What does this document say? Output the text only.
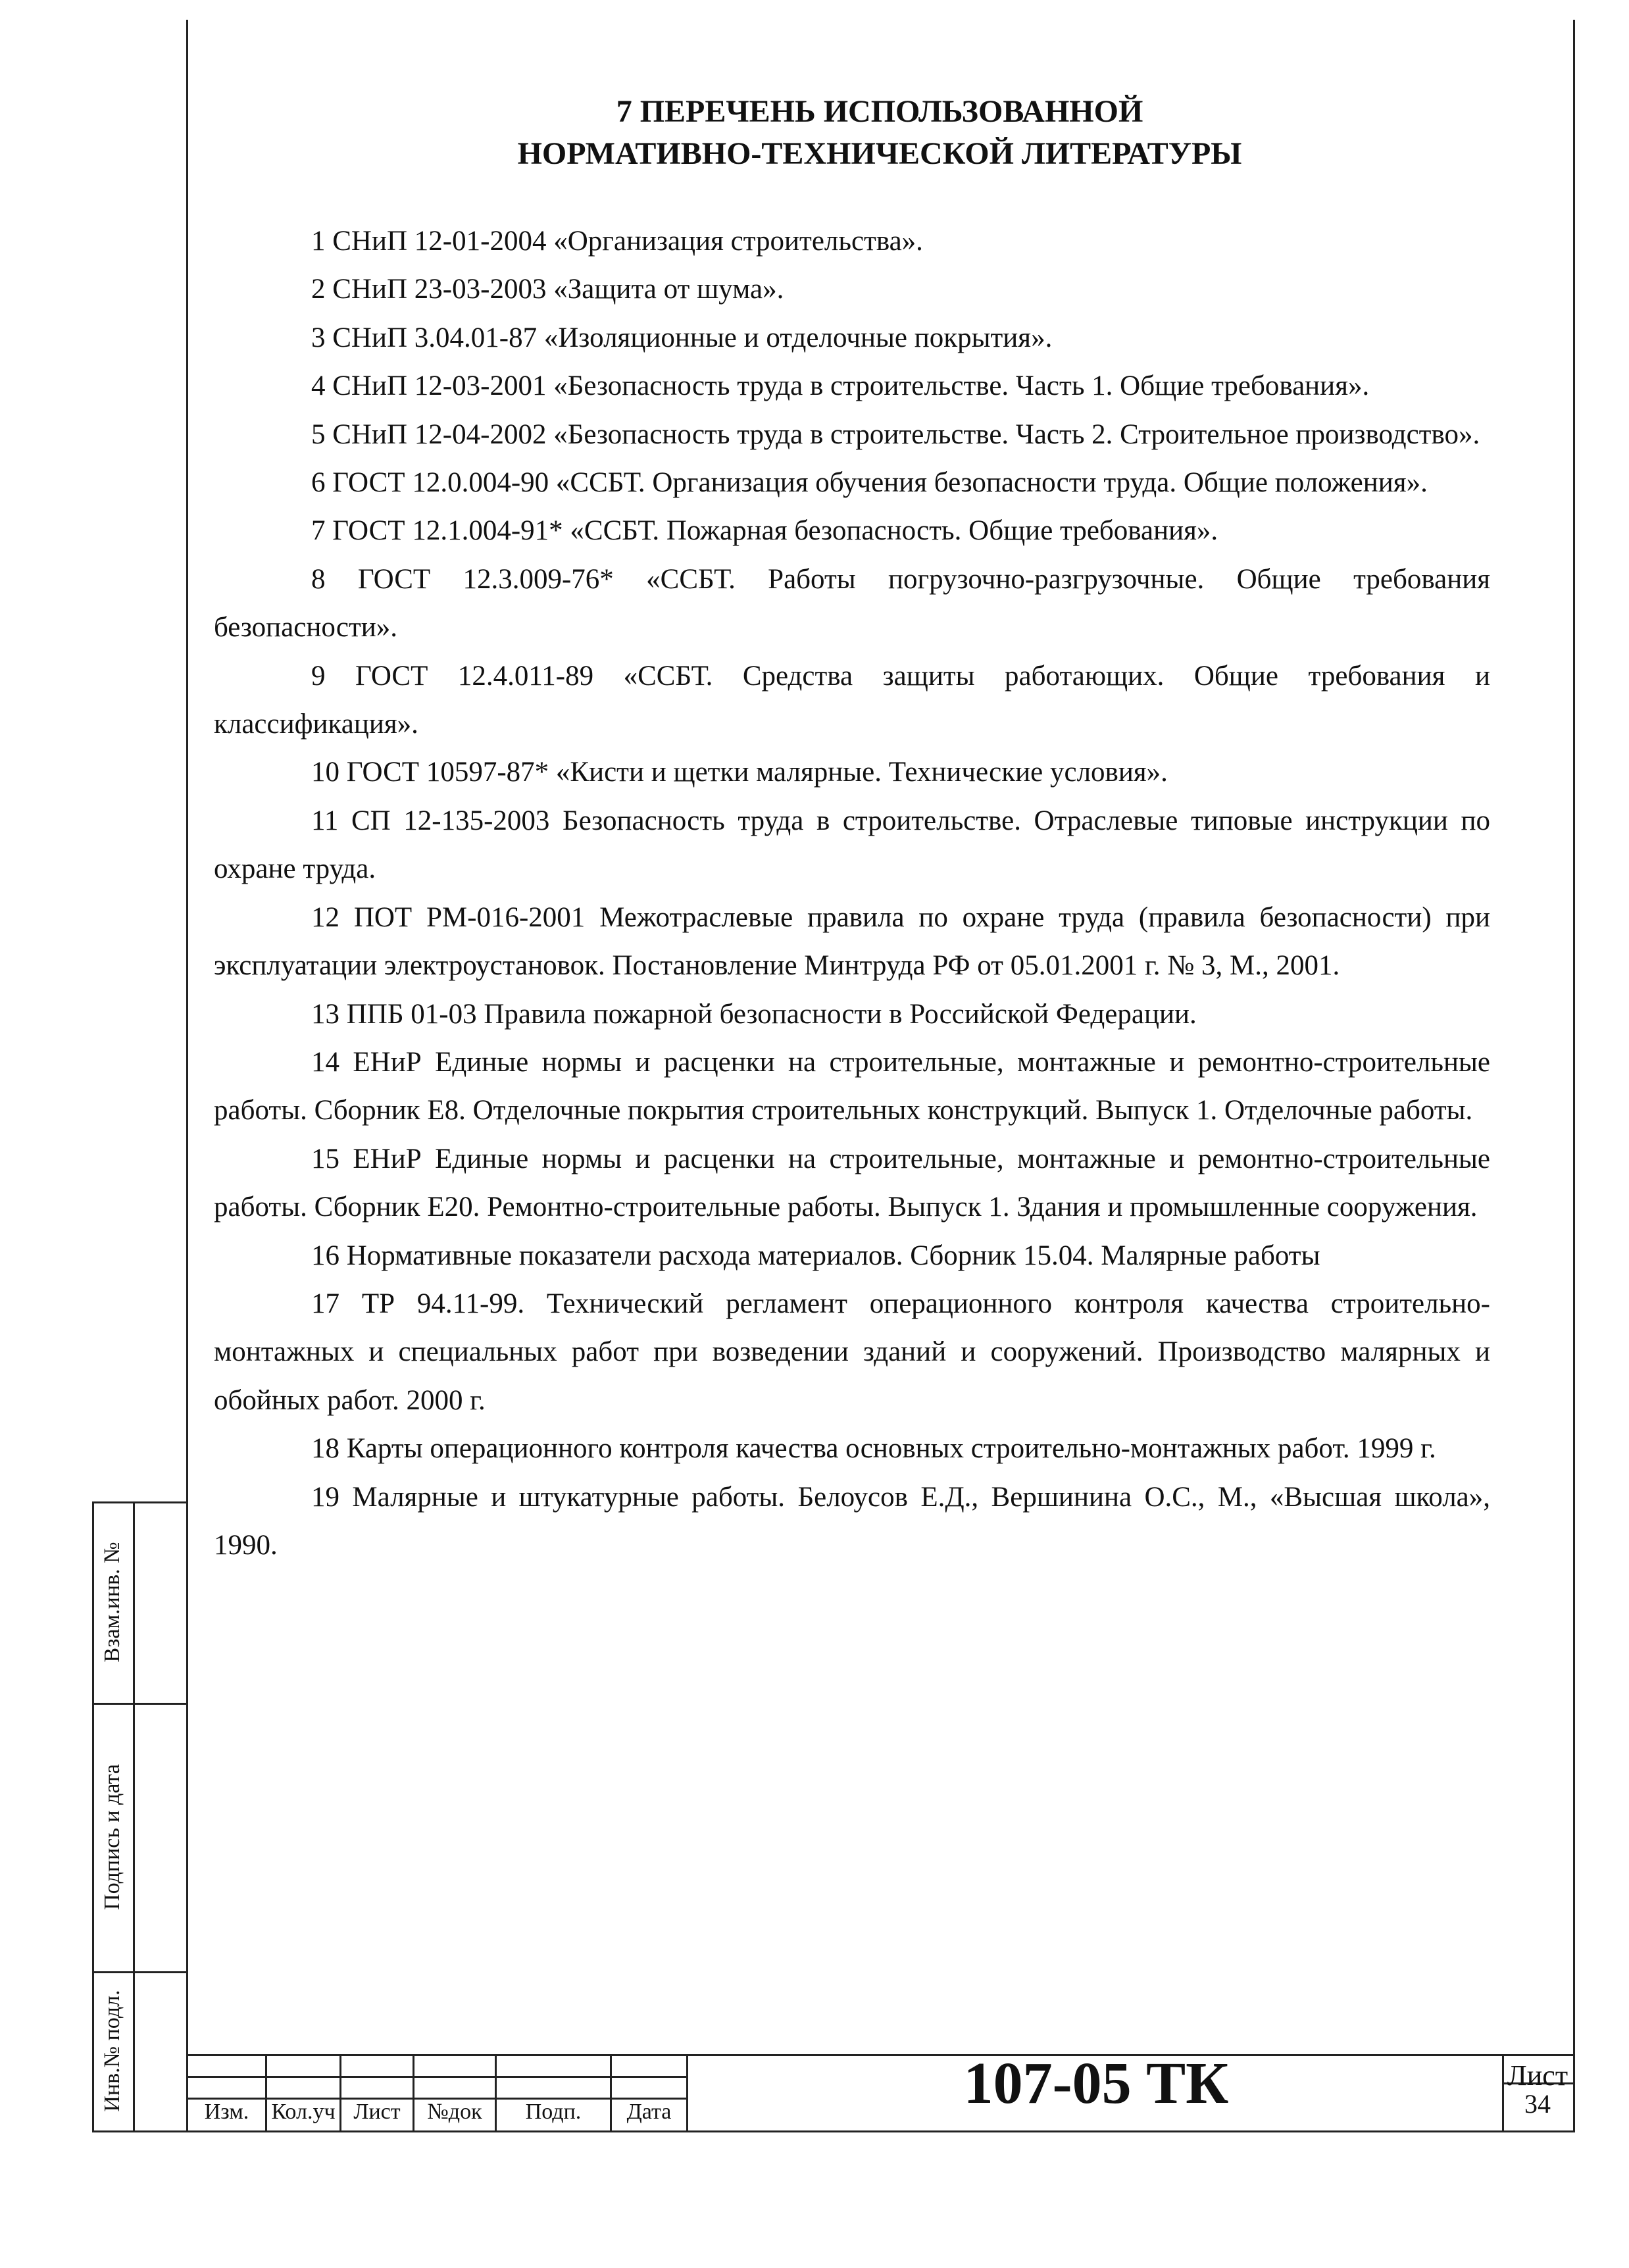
7 ПЕРЕЧЕНЬ ИСПОЛЬЗОВАННОЙ
НОРМАТИВНО-ТЕХНИЧЕСКОЙ ЛИТЕРАТУРЫ

1 СНиП 12-01-2004 «Организация строительства».

2 СНиП 23-03-2003 «Защита от шума».

3 СНиП 3.04.01-87 «Изоляционные и отделочные покрытия».

4 СНиП 12-03-2001 «Безопасность труда в строительстве. Часть 1. Общие требования».

5 СНиП 12-04-2002 «Безопасность труда в строительстве. Часть 2. Строительное производство».

6 ГОСТ 12.0.004-90 «ССБТ. Организация обучения безопасности труда. Общие положения».

7 ГОСТ 12.1.004-91* «ССБТ. Пожарная безопасность. Общие требования».

8 ГОСТ 12.3.009-76* «ССБТ. Работы погрузочно-разгрузочные. Общие требования безопасности».

9 ГОСТ 12.4.011-89 «ССБТ. Средства защиты работающих. Общие требования и классификация».

10 ГОСТ 10597-87* «Кисти и щетки малярные. Технические условия».

11 СП 12-135-2003 Безопасность труда в строительстве. Отраслевые типовые инструкции по охране труда.

12 ПОТ РМ-016-2001 Межотраслевые правила по охране труда (правила безопасности) при эксплуатации электроустановок. Постановление Минтруда РФ от 05.01.2001 г. № 3, М., 2001.

13 ППБ 01-03 Правила пожарной безопасности в Российской Федерации.

14 ЕНиР Единые нормы и расценки на строительные, монтажные и ремонтно-строительные работы. Сборник Е8. Отделочные покрытия строительных конструкций. Выпуск 1. Отделочные работы.

15 ЕНиР Единые нормы и расценки на строительные, монтажные и ремонтно-строительные работы. Сборник Е20. Ремонтно-строительные работы. Выпуск 1. Здания и промышленные сооружения.

16 Нормативные показатели расхода материалов. Сборник 15.04. Малярные работы

17 ТР 94.11-99. Технический регламент операционного контроля качества строительно-монтажных и специальных работ при возведении зданий и сооружений. Производство малярных и обойных работ. 2000 г.

18 Карты операционного контроля качества основных строительно-монтажных работ. 1999 г.

19 Малярные и штукатурные работы. Белоусов Е.Д., Вершинина О.С., М., «Высшая школа», 1990.

Взам.инв. №
Подпись и дата
Инв.№ подл.	Изм.	Кол.уч Лист	№док	Подп.	Дата	107-05 ТК	Лист
34
